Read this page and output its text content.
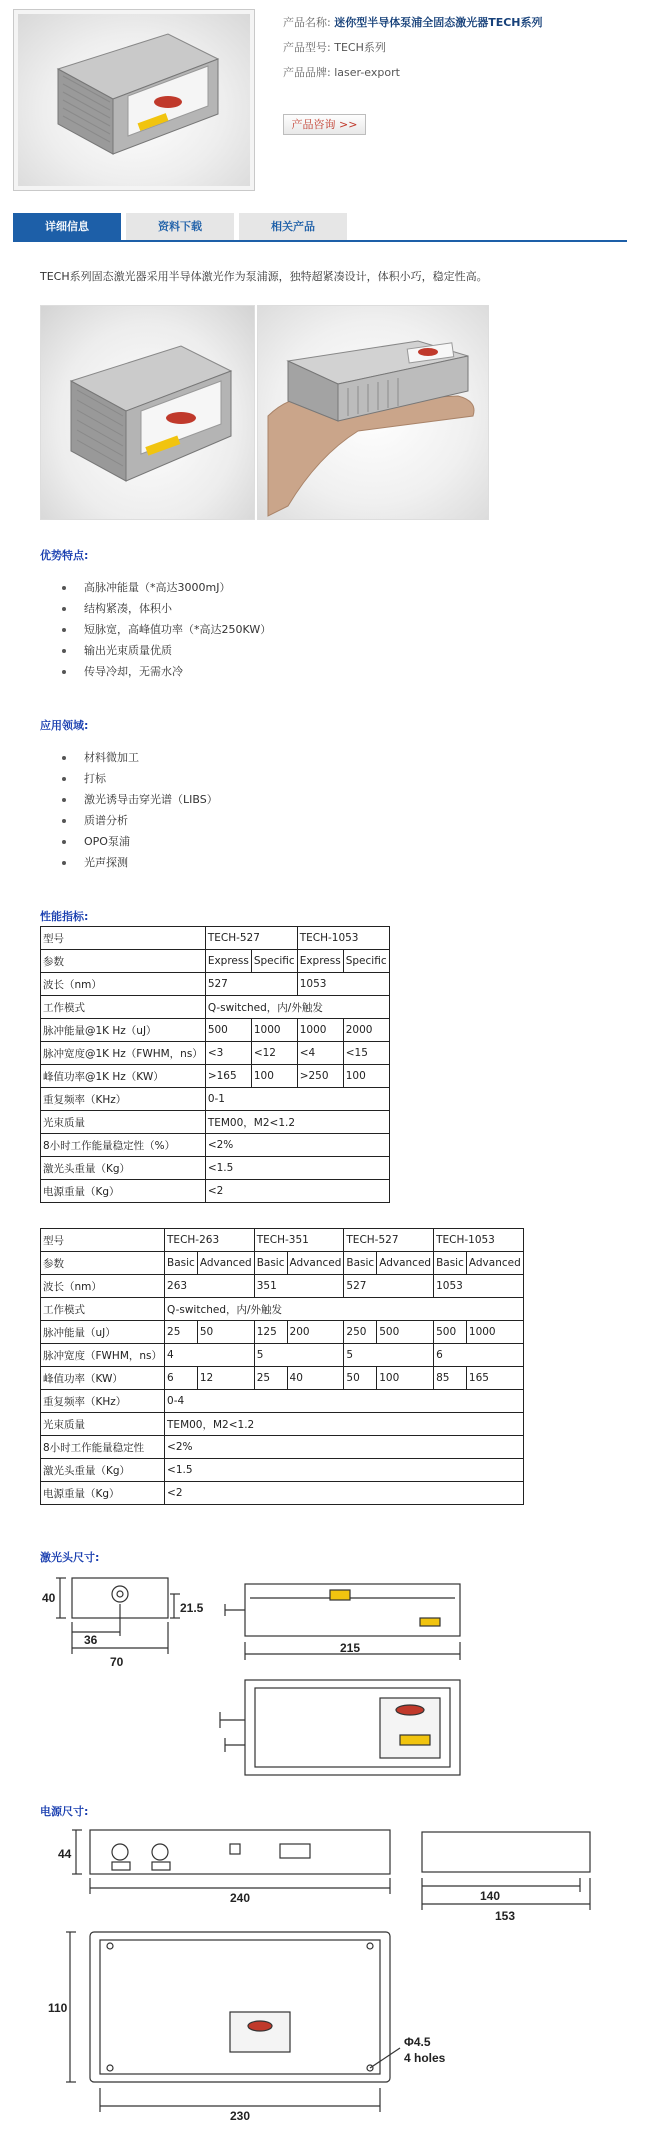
产品名称: 迷你型半导体泵浦全固态激光器TECH系列
产品型号: TECH系列
产品品牌: laser-export
产品咨询 >>
详细信息	资料下载	相关产品
TECH系列固态激光器采用半导体激光作为泵浦源，独特超紧凑设计，体积小巧，稳定性高。
优势特点:
高脉冲能量（*高达3000mJ）
结构紧凑，体积小
短脉宽，高峰值功率（*高达250KW）
输出光束质量优质
传导冷却，无需水冷
应用领域:
材料微加工
打标
激光诱导击穿光谱（LIBS）
质谱分析
OPO泵浦
光声探测
性能指标:
型号	TECH-527		TECH-1053	
参数	Express	Specific	Express	Specific
波长（nm）	527		1053	
工作模式	Q-switched，内/外触发			
脉冲能量@1K Hz（uJ）	500	1000	1000	2000
脉冲宽度@1K Hz（FWHM，ns）	<3	<12	<4	<15
峰值功率@1K Hz（KW）	>165	100	>250	100
重复频率（KHz）	0-1			
光束质量	TEM00，M2<1.2			
8小时工作能量稳定性（%）	<2%			
激光头重量（Kg）	<1.5			
电源重量（Kg）	<2			
型号	TECH-263		TECH-351		TECH-527		TECH-1053	
参数	Basic	Advanced	Basic	Advanced	Basic	Advanced	Basic	Advanced
波长（nm）	263		351		527		1053	
工作模式	Q-switched，内/外触发							
脉冲能量（uJ）	25	50	125	200	250	500	500	1000
脉冲宽度（FWHM，ns）	4		5		5		6	
峰值功率（KW）	6	12	25	40	50	100	85	165
重复频率（KHz）	0-4							
光束质量	TEM00，M2<1.2							
8小时工作能量稳定性	<2%							
激光头重量（Kg）	<1.5							
电源重量（Kg）	<2							
激光头尺寸:
40
36
70
21.5
215
电源尺寸:
44
240	140
153
110
Φ4.5
4 holes
230
